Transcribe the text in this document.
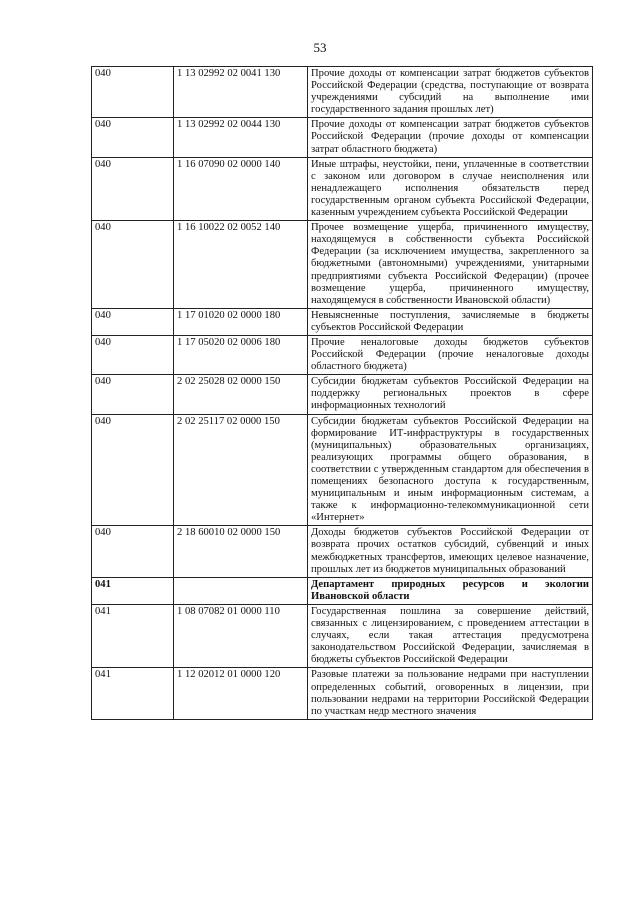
53
040	1 13 02992 02 0041 130	Прочие доходы от компенсации затрат бюджетов субъектов Российской Федерации (средства, поступающие от возврата учреждениями субсидий на выполнение ими государственного задания прошлых лет)
040	1 13 02992 02 0044 130	Прочие доходы от компенсации затрат бюджетов субъектов Российской Федерации (прочие доходы от компенсации затрат областного бюджета)
040	1 16 07090 02 0000 140	Иные штрафы, неустойки, пени, уплаченные в соответствии с законом или договором в случае неисполнения или ненадлежащего исполнения обязательств перед государственным органом субъекта Российской Федерации, казенным учреждением субъекта Российской Федерации
040	1 16 10022 02 0052 140	Прочее возмещение ущерба, причиненного имуществу, находящемуся в собственности субъекта Российской Федерации (за исключением имущества, закрепленного за бюджетными (автономными) учреждениями, унитарными предприятиями субъекта Российской Федерации) (прочее возмещение ущерба, причиненного имуществу, находящемуся в собственности Ивановской области)
040	1 17 01020 02 0000 180	Невыясненные поступления, зачисляемые в бюджеты субъектов Российской Федерации
040	1 17 05020 02 0006 180	Прочие неналоговые доходы бюджетов субъектов Российской Федерации (прочие неналоговые доходы областного бюджета)
040	2 02 25028 02 0000 150	Субсидии бюджетам субъектов Российской Федерации на поддержку региональных проектов в сфере информационных технологий
040	2 02 25117 02 0000 150	Субсидии бюджетам субъектов Российской Федерации на формирование ИТ-инфраструктуры в государственных (муниципальных) образовательных организациях, реализующих программы общего образования, в соответствии с утвержденным стандартом для обеспечения в помещениях безопасного доступа к государственным, муниципальным и иным информационным системам, а также к информационно-телекоммуникационной сети «Интернет»
040	2 18 60010 02 0000 150	Доходы бюджетов субъектов Российской Федерации от возврата прочих остатков субсидий, субвенций и иных межбюджетных трансфертов, имеющих целевое назначение, прошлых лет из бюджетов муниципальных образований
041		Департамент природных ресурсов и экологии Ивановской области
041	1 08 07082 01 0000 110	Государственная пошлина за совершение действий, связанных с лицензированием, с проведением аттестации в случаях, если такая аттестация предусмотрена законодательством Российской Федерации, зачисляемая в бюджеты субъектов Российской Федерации
041	1 12 02012 01 0000 120	Разовые платежи за пользование недрами при наступлении определенных событий, оговоренных в лицензии, при пользовании недрами на территории Российской Федерации по участкам недр местного значения
